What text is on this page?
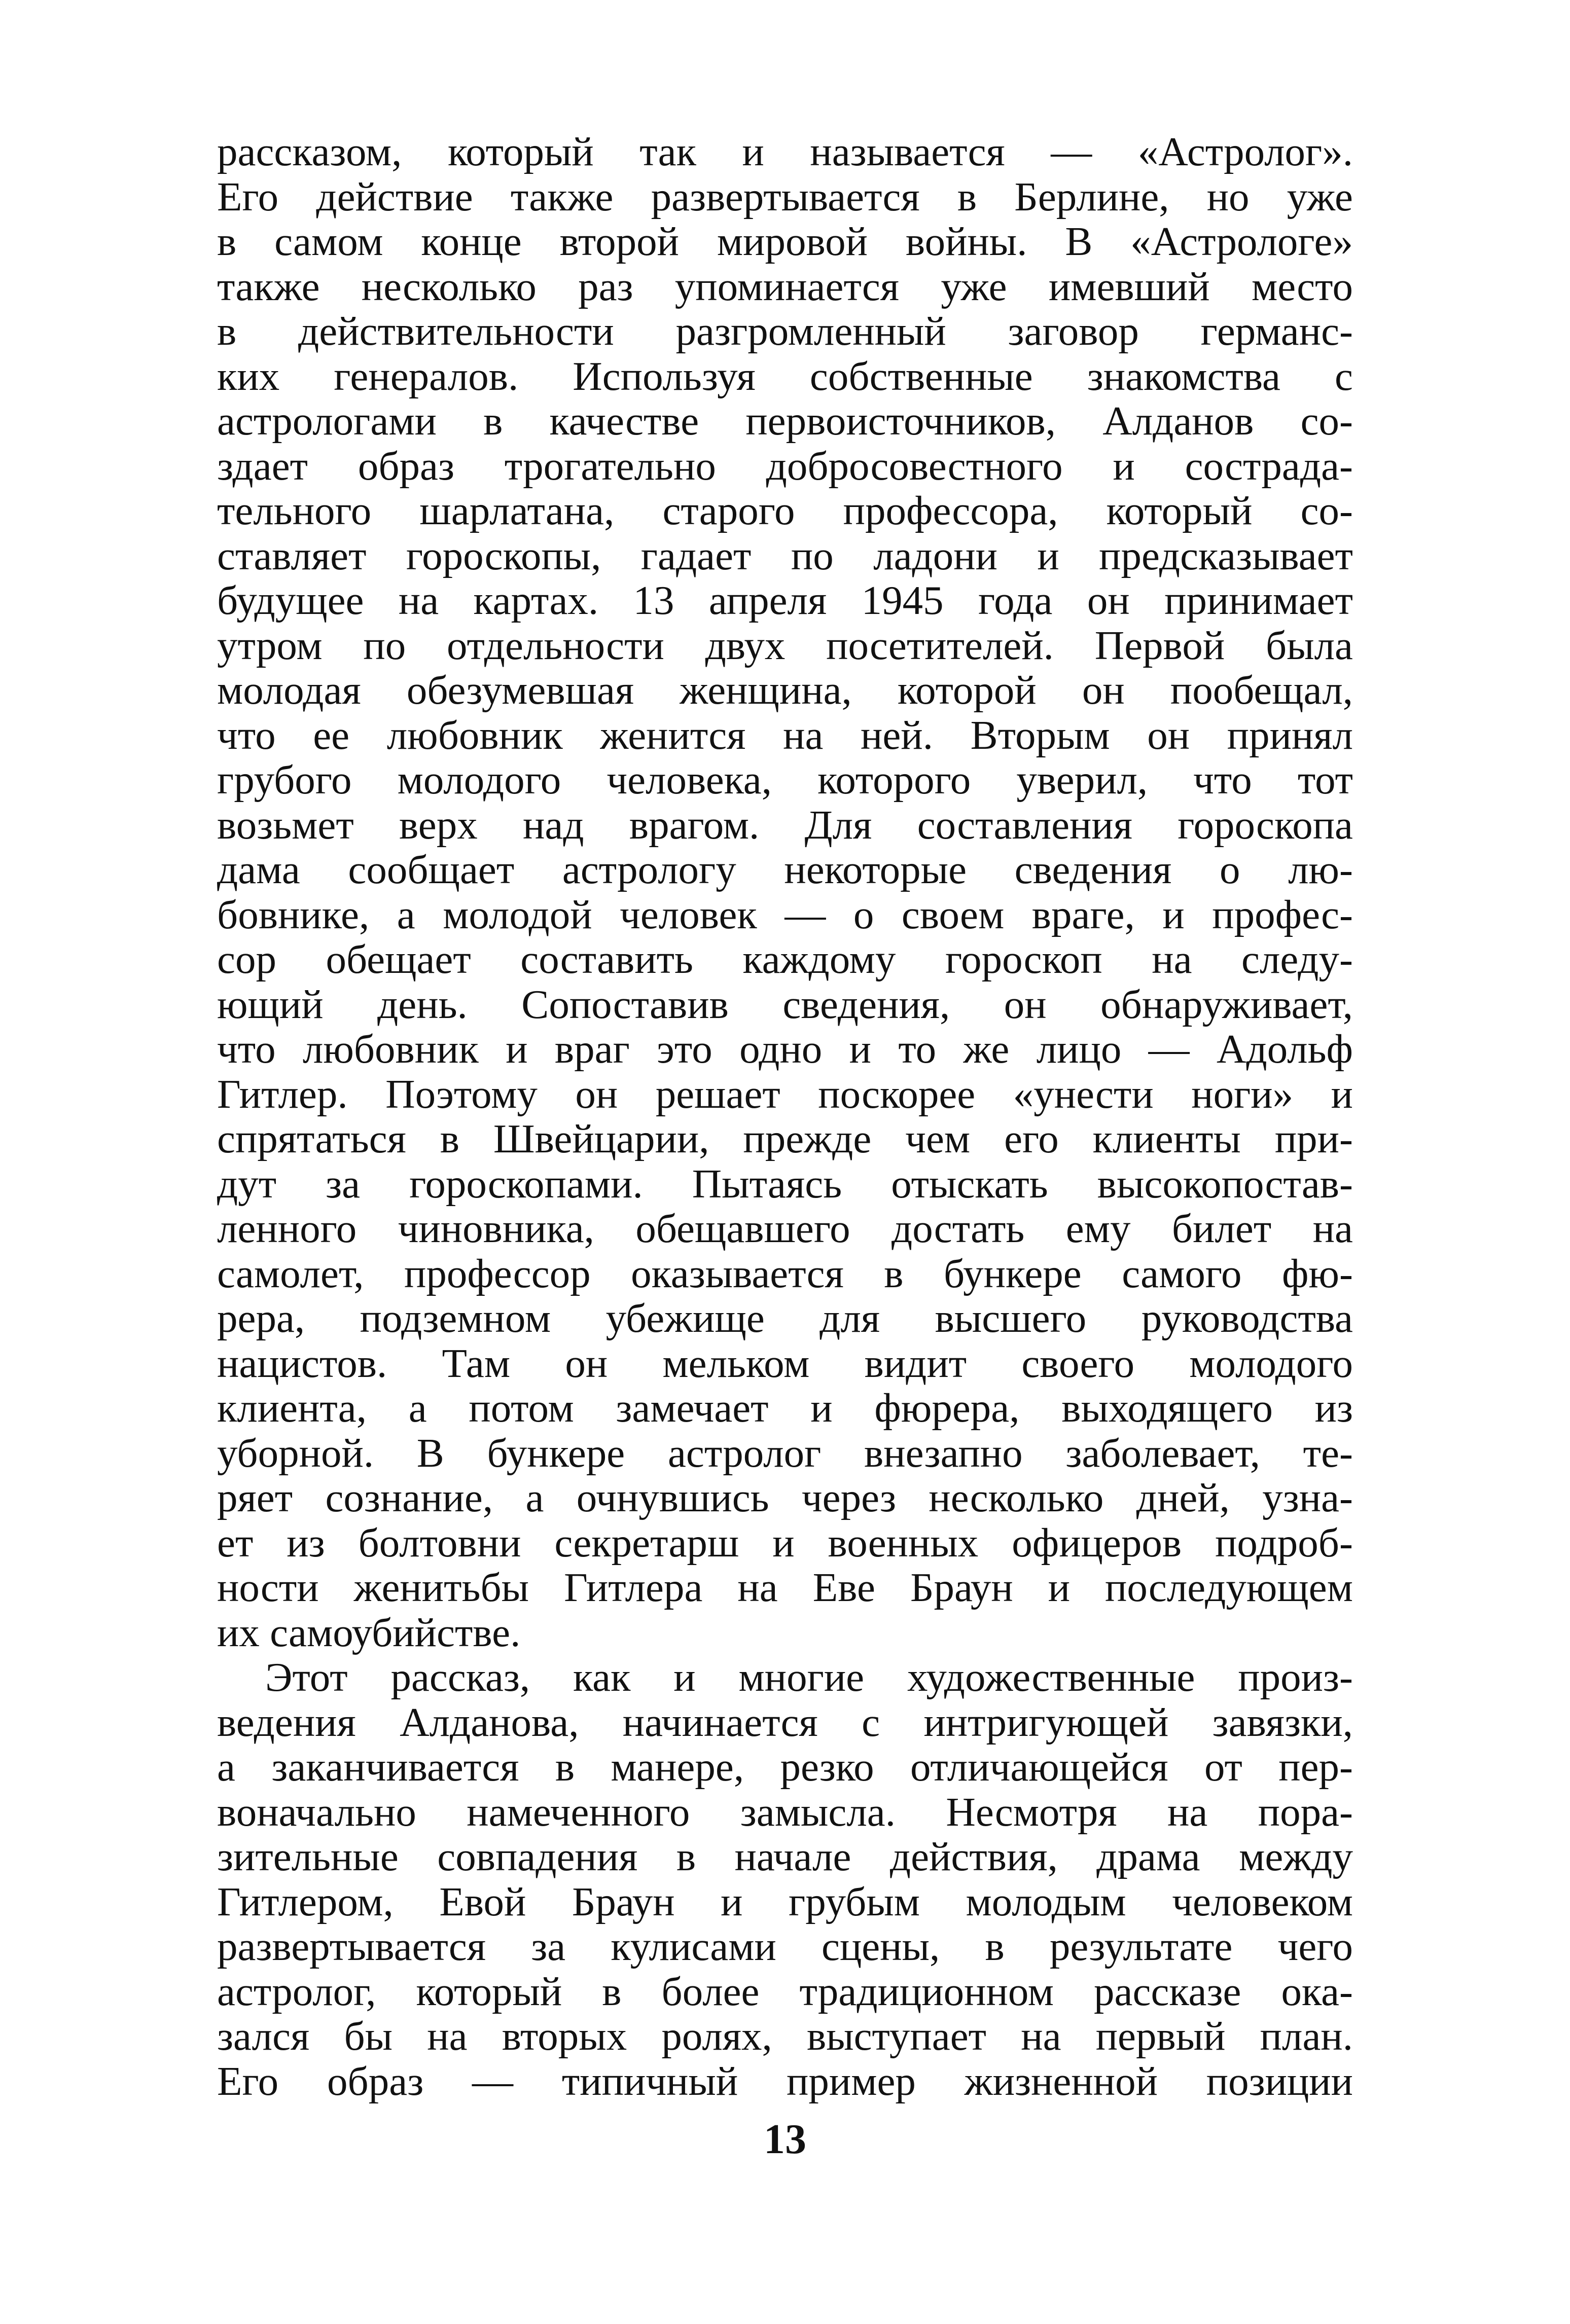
рассказом, который так и называется — «Астролог».
Его действие также развертывается в Берлине, но уже
в самом конце второй мировой войны. В «Астрологе»
также несколько раз упоминается уже имевший место
в действительности разгромленный заговор германс-
ких генералов. Используя собственные знакомства с
астрологами в качестве первоисточников, Алданов со-
здает образ трогательно добросовестного и сострада-
тельного шарлатана, старого профессора, который со-
ставляет гороскопы, гадает по ладони и предсказывает
будущее на картах. 13 апреля 1945 года он принимает
утром по отдельности двух посетителей. Первой была
молодая обезумевшая женщина, которой он пообещал,
что ее любовник женится на ней. Вторым он принял
грубого молодого человека, которого уверил, что тот
возьмет верх над врагом. Для составления гороскопа
дама сообщает астрологу некоторые сведения о лю-
бовнике, а молодой человек — о своем враге, и профес-
сор обещает составить каждому гороскоп на следу-
ющий день. Сопоставив сведения, он обнаруживает,
что любовник и враг это одно и то же лицо — Адольф
Гитлер. Поэтому он решает поскорее «унести ноги» и
спрятаться в Швейцарии, прежде чем его клиенты при-
дут за гороскопами. Пытаясь отыскать высокопостав-
ленного чиновника, обещавшего достать ему билет на
самолет, профессор оказывается в бункере самого фю-
рера, подземном убежище для высшего руководства
нацистов. Там он мельком видит своего молодого
клиента, а потом замечает и фюрера, выходящего из
уборной. В бункере астролог внезапно заболевает, те-
ряет сознание, а очнувшись через несколько дней, узна-
ет из болтовни секретарш и военных офицеров подроб-
ности женитьбы Гитлера на Еве Браун и последующем
их самоубийстве.
Этот рассказ, как и многие художественные произ-
ведения Алданова, начинается с интригующей завязки,
а заканчивается в манере, резко отличающейся от пер-
воначально намеченного замысла. Несмотря на пора-
зительные совпадения в начале действия, драма между
Гитлером, Евой Браун и грубым молодым человеком
развертывается за кулисами сцены, в результате чего
астролог, который в более традиционном рассказе ока-
зался бы на вторых ролях, выступает на первый план.
Его образ — типичный пример жизненной позиции
13
